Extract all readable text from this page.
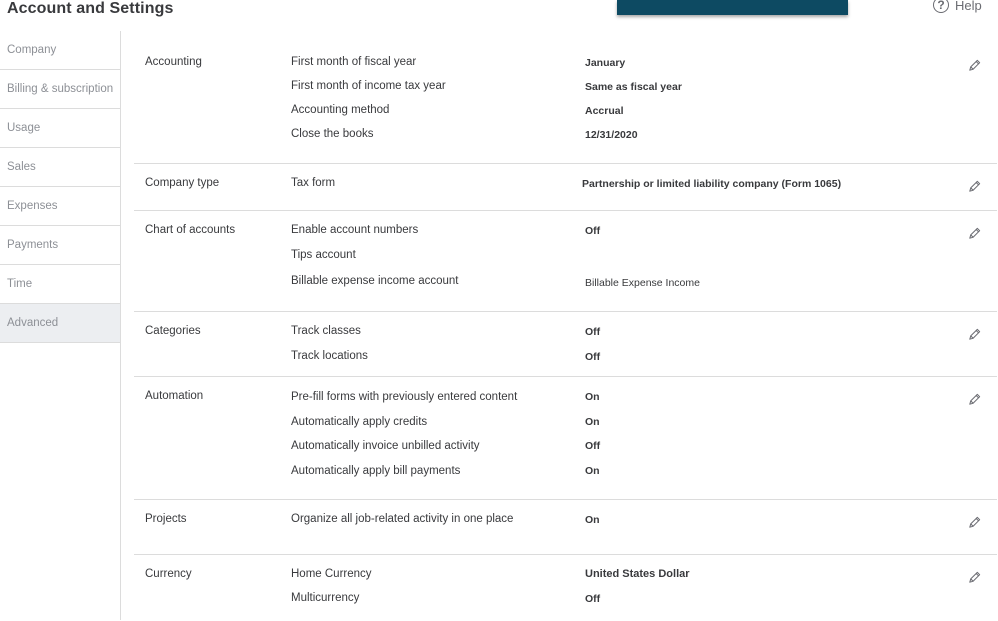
Account and Settings	? Help
Company
Billing & subscription
Usage
Sales
Expenses
Payments
Time
Advanced
Accounting	First month of fiscal year	January
First month of income tax year	Same as fiscal year
Accounting method	Accrual
Close the books	12/31/2020
Company type	Tax form	Partnership or limited liability company (Form 1065)
Chart of accounts	Enable account numbers	Off
Tips account
Billable expense income account	Billable Expense Income
Categories	Track classes	Off
Track locations	Off
Automation	Pre-fill forms with previously entered content	On
Automatically apply credits	On
Automatically invoice unbilled activity	Off
Automatically apply bill payments	On
Projects	Organize all job-related activity in one place	On
Currency	Home Currency	United States Dollar
Multicurrency	Off
